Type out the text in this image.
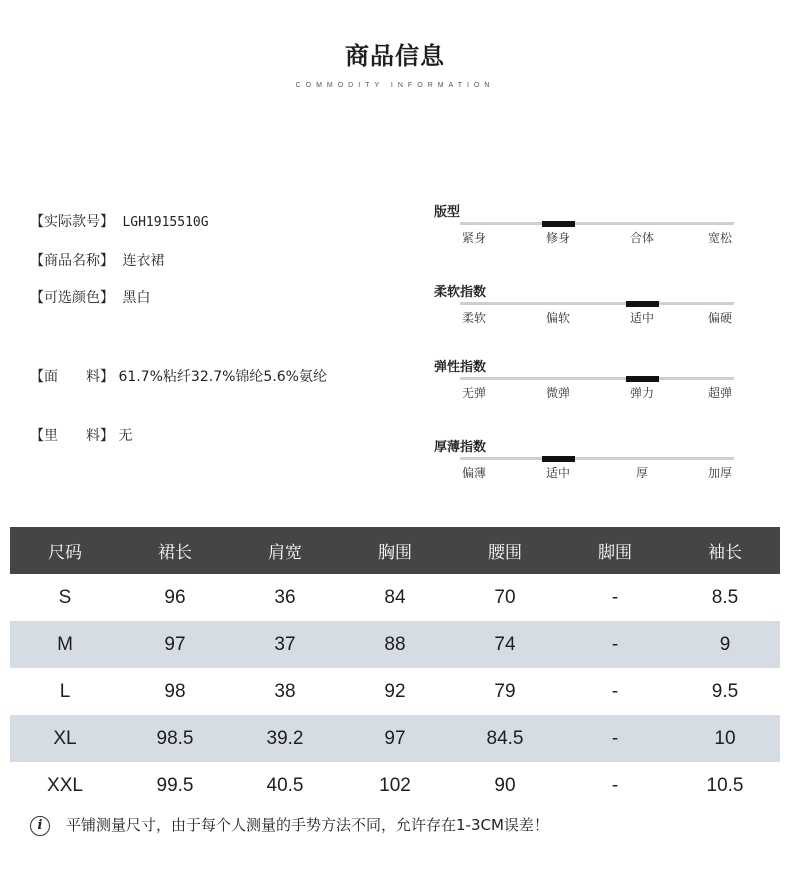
商品信息
COMMODITY INFORMATION
【实际款号】 LGH1915510G
【商品名称】 连衣裙
【可选颜色】 黑白
【面　　料】 61.7%粘纤32.7%锦纶5.6%氨纶
【里　　料】 无
版型
紧身	修身	合体	宽松
柔软指数
柔软	偏软	适中	偏硬
弹性指数
无弹	微弹	弹力	超弹
厚薄指数
偏薄	适中	厚	加厚
尺码	裙长	肩宽	胸围	腰围	脚围	袖长
S	96	36	84	70	-	8.5
M	97	37	88	74	-	9
L	98	38	92	79	-	9.5
XL	98.5	39.2	97	84.5	-	10
XXL	99.5	40.5	102	90	-	10.5
i 平铺测量尺寸，由于每个人测量的手势方法不同，允许存在1-3CM误差！
